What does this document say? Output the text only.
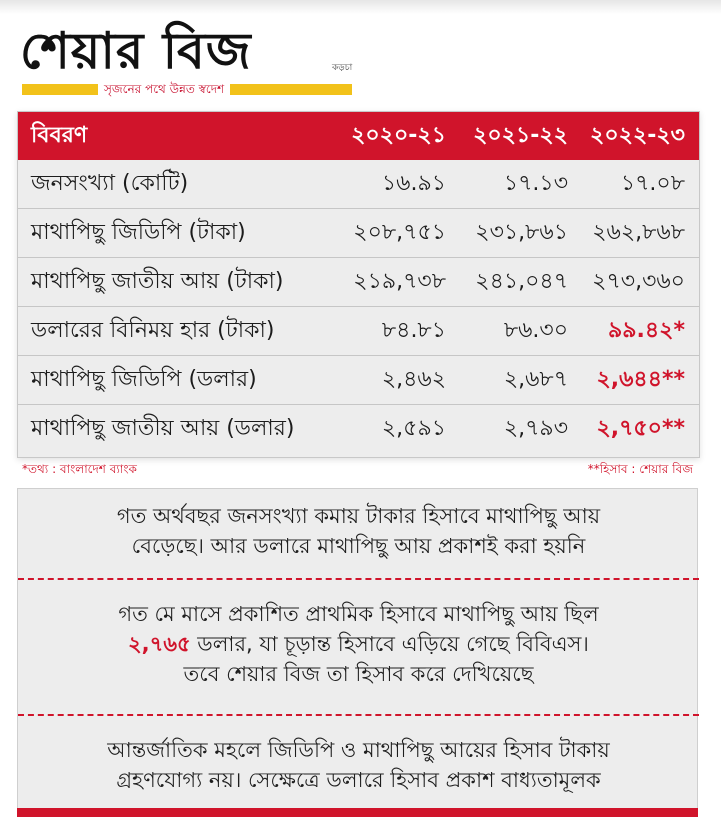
শেয়ার বিজ	কড়চা
সৃজনের পথে উন্নত স্বদেশ
বিবরণ	২০২০-২১	২০২১-২২	২০২২-২৩
জনসংখ্যা (কোটি)	১৬.৯১	১৭.১৩	১৭.০৮
মাথাপিছু জিডিপি (টাকা)	২০৮,৭৫১	২৩১,৮৬১	২৬২,৮৬৮
মাথাপিছু জাতীয় আয় (টাকা)	২১৯,৭৩৮	২৪১,০৪৭	২৭৩,৩৬০
ডলারের বিনিময় হার (টাকা)	৮৪.৮১	৮৬.৩০	৯৯.৪২*
মাথাপিছু জিডিপি (ডলার)	২,৪৬২	২,৬৮৭	২,৬৪৪**
মাথাপিছু জাতীয় আয় (ডলার)	২,৫৯১	২,৭৯৩	২,৭৫০**
*তথ্য : বাংলাদেশ ব্যাংক	**হিসাব : শেয়ার বিজ
গত অর্থবছর জনসংখ্যা কমায় টাকার হিসাবে মাথাপিছু আয়
বেড়েছে। আর ডলারে মাথাপিছু আয় প্রকাশই করা হয়নি
গত মে মাসে প্রকাশিত প্রাথমিক হিসাবে মাথাপিছু আয় ছিল
২,৭৬৫ ডলার, যা চূড়ান্ত হিসাবে এড়িয়ে গেছে বিবিএস।
তবে শেয়ার বিজ তা হিসাব করে দেখিয়েছে
আন্তর্জাতিক মহলে জিডিপি ও মাথাপিছু আয়ের হিসাব টাকায়
গ্রহণযোগ্য নয়। সেক্ষেত্রে ডলারে হিসাব প্রকাশ বাধ্যতামূলক
